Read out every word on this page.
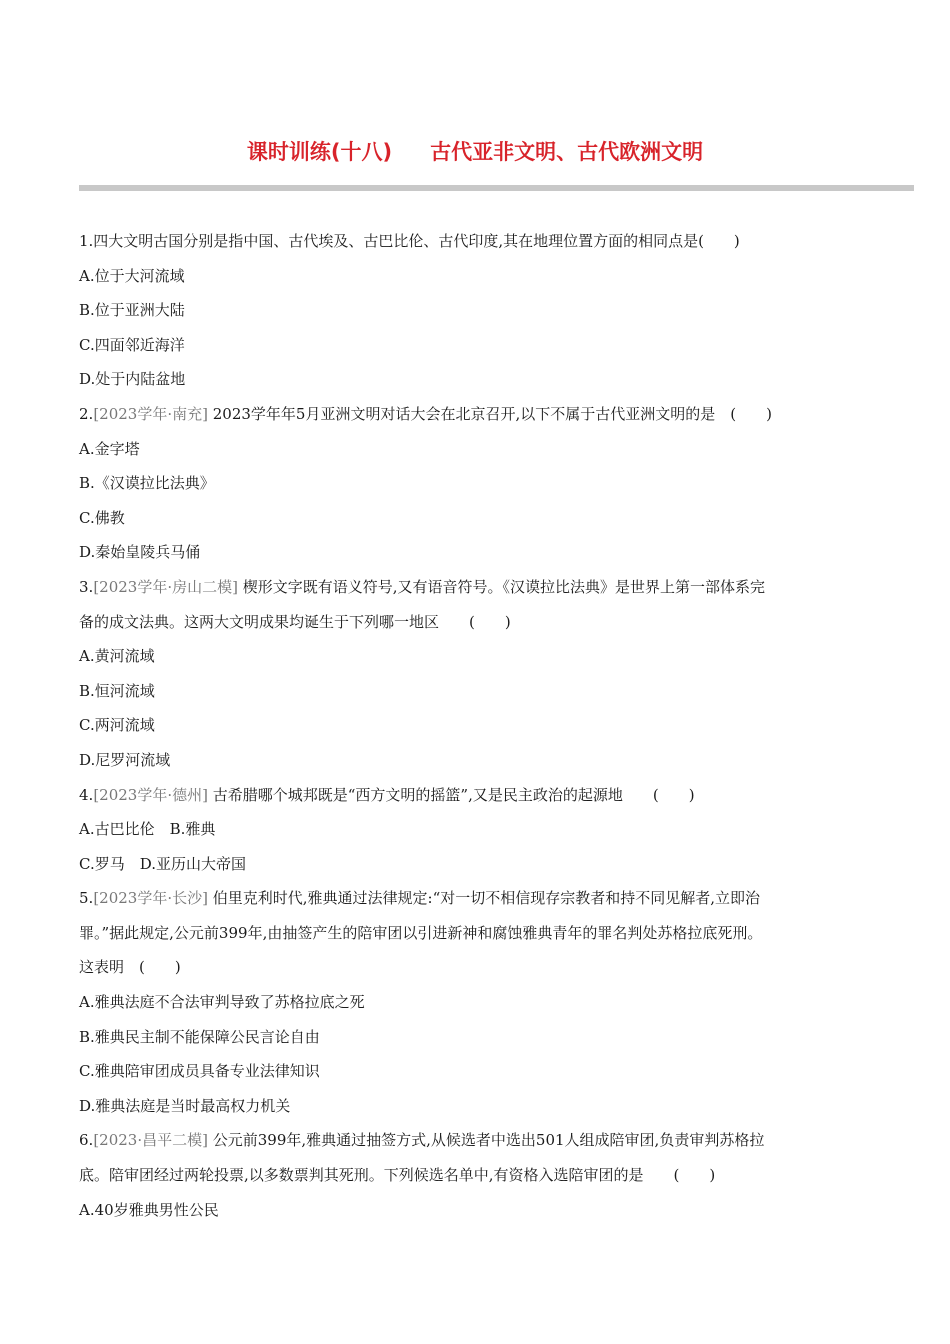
课时训练(十八) 古代亚非文明、古代欧洲文明
1.四大文明古国分别是指中国、古代埃及、古巴比伦、古代印度,其在地理位置方面的相同点是(　　)
A.位于大河流域
B.位于亚洲大陆
C.四面邻近海洋
D.处于内陆盆地
2.[2023学年·南充] 2023学年年5月亚洲文明对话大会在北京召开,以下不属于古代亚洲文明的是　(　　)
A.金字塔
B.《汉谟拉比法典》
C.佛教
D.秦始皇陵兵马俑
3.[2023学年·房山二模] 楔形文字既有语义符号,又有语音符号。《汉谟拉比法典》是世界上第一部体系完
备的成文法典。这两大文明成果均诞生于下列哪一地区　　(　　)
A.黄河流域
B.恒河流域
C.两河流域
D.尼罗河流域
4.[2023学年·德州] 古希腊哪个城邦既是“西方文明的摇篮”,又是民主政治的起源地　　(　　)
A.古巴比伦　B.雅典
C.罗马　D.亚历山大帝国
5.[2023学年·长沙] 伯里克利时代,雅典通过法律规定:“对一切不相信现存宗教者和持不同见解者,立即治
罪。”据此规定,公元前399年,由抽签产生的陪审团以引进新神和腐蚀雅典青年的罪名判处苏格拉底死刑。
这表明　(　　)
A.雅典法庭不合法审判导致了苏格拉底之死
B.雅典民主制不能保障公民言论自由
C.雅典陪审团成员具备专业法律知识
D.雅典法庭是当时最高权力机关
6.[2023·昌平二模] 公元前399年,雅典通过抽签方式,从候选者中选出501人组成陪审团,负责审判苏格拉
底。陪审团经过两轮投票,以多数票判其死刑。下列候选名单中,有资格入选陪审团的是　　(　　)
A.40岁雅典男性公民
